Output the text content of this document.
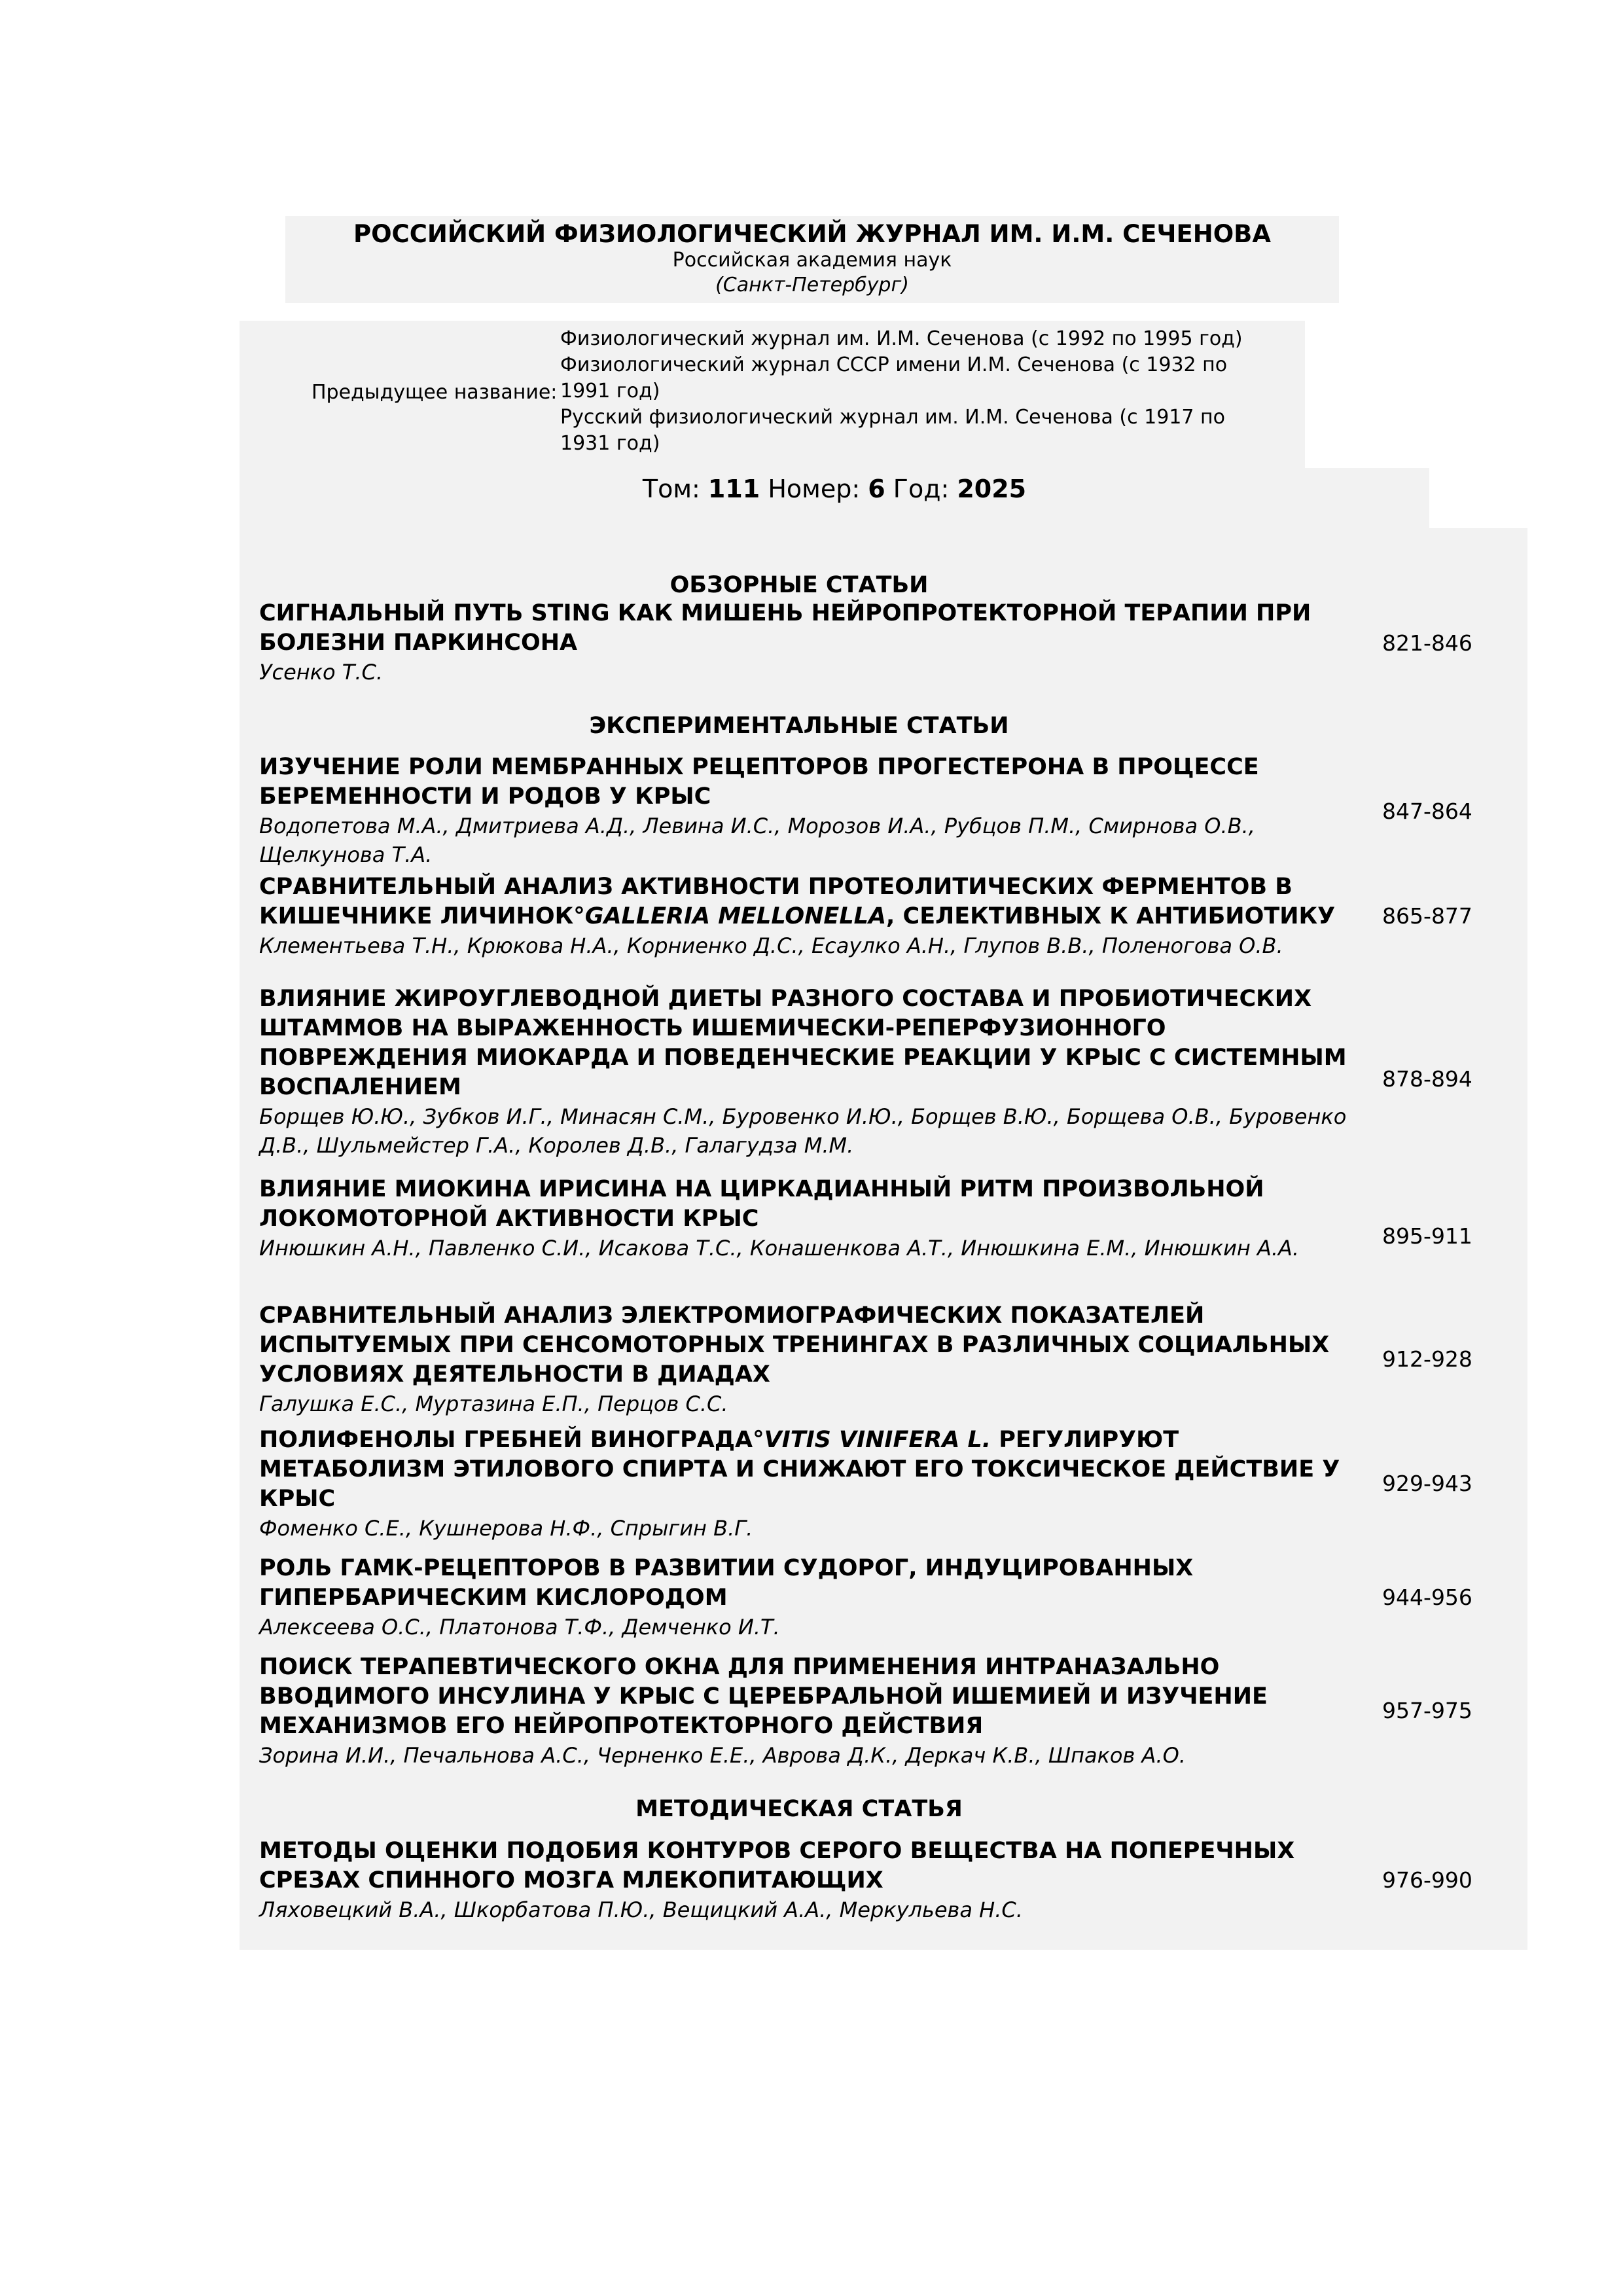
РОССИЙСКИЙ ФИЗИОЛОГИЧЕСКИЙ ЖУРНАЛ ИМ. И.М. СЕЧЕНОВА
Российская академия наук
(Санкт-Петербург)
Предыдущее название:
Физиологический журнал им. И.М. Сеченова (с 1992 по 1995 год)
Физиологический журнал СССР имени И.М. Сеченова (с 1932 по 1991 год)
Русский физиологический журнал им. И.М. Сеченова (с 1917 по 1931 год)
Том: 111 Номер: 6 Год: 2025
ОБЗОРНЫЕ СТАТЬИ
СИГНАЛЬНЫЙ ПУТЬ STING КАК МИШЕНЬ НЕЙРОПРОТЕКТОРНОЙ ТЕРАПИИ ПРИ БОЛЕЗНИ ПАРКИНСОНА
Усенко Т.С.
821-846
ЭКСПЕРИМЕНТАЛЬНЫЕ СТАТЬИ
ИЗУЧЕНИЕ РОЛИ МЕМБРАННЫХ РЕЦЕПТОРОВ ПРОГЕСТЕРОНА В ПРОЦЕССЕ БЕРЕМЕННОСТИ И РОДОВ У КРЫС
Водопетова М.А., Дмитриева А.Д., Левина И.С., Морозов И.А., Рубцов П.М., Смирнова О.В., Щелкунова Т.А.
847-864
СРАВНИТЕЛЬНЫЙ АНАЛИЗ АКТИВНОСТИ ПРОТЕОЛИТИЧЕСКИХ ФЕРМЕНТОВ В КИШЕЧНИКЕ ЛИЧИНОК°GALLERIA MELLONELLA, СЕЛЕКТИВНЫХ К АНТИБИОТИКУ
Клементьева Т.Н., Крюкова Н.А., Корниенко Д.С., Есаулко А.Н., Глупов В.В., Поленогова О.В.
865-877
ВЛИЯНИЕ ЖИРОУГЛЕВОДНОЙ ДИЕТЫ РАЗНОГО СОСТАВА И ПРОБИОТИЧЕСКИХ ШТАММОВ НА ВЫРАЖЕННОСТЬ ИШЕМИЧЕСКИ-РЕПЕРФУЗИОННОГО ПОВРЕЖДЕНИЯ МИОКАРДА И ПОВЕДЕНЧЕСКИЕ РЕАКЦИИ У КРЫС С СИСТЕМНЫМ ВОСПАЛЕНИЕМ
Борщев Ю.Ю., Зубков И.Г., Минасян С.М., Буровенко И.Ю., Борщев В.Ю., Борщева О.В., Буровенко Д.В., Шульмейстер Г.А., Королев Д.В., Галагудза М.М.
878-894
ВЛИЯНИЕ МИОКИНА ИРИСИНА НА ЦИРКАДИАННЫЙ РИТМ ПРОИЗВОЛЬНОЙ ЛОКОМОТОРНОЙ АКТИВНОСТИ КРЫС
Инюшкин А.Н., Павленко С.И., Исакова Т.С., Конашенкова А.Т., Инюшкина Е.М., Инюшкин А.А.	895-911
СРАВНИТЕЛЬНЫЙ АНАЛИЗ ЭЛЕКТРОМИОГРАФИЧЕСКИХ ПОКАЗАТЕЛЕЙ ИСПЫТУЕМЫХ ПРИ СЕНСОМОТОРНЫХ ТРЕНИНГАХ В РАЗЛИЧНЫХ СОЦИАЛЬНЫХ УСЛОВИЯХ ДЕЯТЕЛЬНОСТИ В ДИАДАХ
Галушка Е.С., Муртазина Е.П., Перцов С.С.
912-928
ПОЛИФЕНОЛЫ ГРЕБНЕЙ ВИНОГРАДА°VITIS VINIFERA L. РЕГУЛИРУЮТ МЕТАБОЛИЗМ ЭТИЛОВОГО СПИРТА И СНИЖАЮТ ЕГО ТОКСИЧЕСКОЕ ДЕЙСТВИЕ У КРЫС
Фоменко С.Е., Кушнерова Н.Ф., Спрыгин В.Г.
929-943
РОЛЬ ГАМК-РЕЦЕПТОРОВ В РАЗВИТИИ СУДОРОГ, ИНДУЦИРОВАННЫХ ГИПЕРБАРИЧЕСКИМ КИСЛОРОДОМ
Алексеева О.С., Платонова Т.Ф., Демченко И.Т.
944-956
ПОИСК ТЕРАПЕВТИЧЕСКОГО ОКНА ДЛЯ ПРИМЕНЕНИЯ ИНТРАНАЗАЛЬНО ВВОДИМОГО ИНСУЛИНА У КРЫС С ЦЕРЕБРАЛЬНОЙ ИШЕМИЕЙ И ИЗУЧЕНИЕ МЕХАНИЗМОВ ЕГО НЕЙРОПРОТЕКТОРНОГО ДЕЙСТВИЯ
Зорина И.И., Печальнова А.С., Черненко Е.Е., Аврова Д.К., Деркач К.В., Шпаков А.О.
957-975
МЕТОДИЧЕСКАЯ СТАТЬЯ
МЕТОДЫ ОЦЕНКИ ПОДОБИЯ КОНТУРОВ СЕРОГО ВЕЩЕСТВА НА ПОПЕРЕЧНЫХ СРЕЗАХ СПИННОГО МОЗГА МЛЕКОПИТАЮЩИХ
Ляховецкий В.А., Шкорбатова П.Ю., Вещицкий А.А., Меркульева Н.С.
976-990
